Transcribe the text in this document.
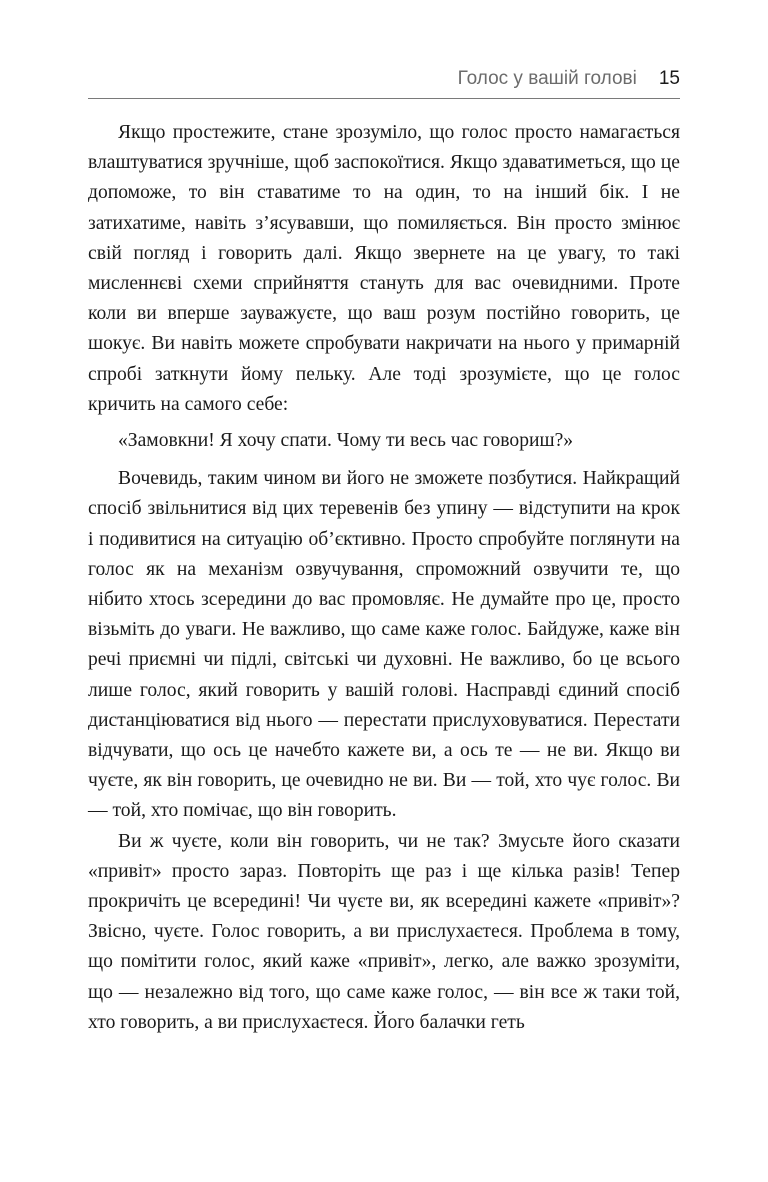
Голос у вашій голові 15

Якщо простежите, стане зрозуміло, що голос просто намагається влаштуватися зручніше, щоб заспокоїтися. Якщо здаватиметься, що це допоможе, то він ставатиме то на один, то на інший бік. І не затихатиме, навіть з’ясувавши, що помиляється. Він просто змінює свій погляд і говорить далі. Якщо звернете на це увагу, то такі мисленнєві схеми сприйняття стануть для вас очевидними. Проте коли ви вперше зауважуєте, що ваш розум постійно говорить, це шокує. Ви навіть можете спробувати накричати на нього у примарній спробі заткнути йому пельку. Але тоді зрозумієте, що це голос кричить на самого себе:

«Замовкни! Я хочу спати. Чому ти весь час говориш?»

Вочевидь, таким чином ви його не зможете позбутися. Найкращий спосіб звільнитися від цих теревенів без упину — відступити на крок і подивитися на ситуацію об’єктивно. Просто спробуйте поглянути на голос як на механізм озвучування, спроможний озвучити те, що нібито хтось зсередини до вас промовляє. Не думайте про це, просто візьміть до уваги. Не важливо, що саме каже голос. Байдуже, каже він речі приємні чи підлі, світські чи духовні. Не важливо, бо це всього лише голос, який говорить у вашій голові. Насправді єдиний спосіб дистанціюватися від нього — перестати прислуховуватися. Перестати відчувати, що ось це начебто кажете ви, а ось те — не ви. Якщо ви чуєте, як він говорить, це очевидно не ви. Ви — той, хто чує голос. Ви — той, хто помічає, що він говорить.

Ви ж чуєте, коли він говорить, чи не так? Змусьте його сказати «привіт» просто зараз. Повторіть ще раз і ще кілька разів! Тепер прокричіть це всередині! Чи чуєте ви, як всередині кажете «привіт»? Звісно, чуєте. Голос говорить, а ви прислухаєтеся. Проблема в тому, що помітити голос, який каже «привіт», легко, але важко зрозуміти, що — незалежно від того, що саме каже голос, — він все ж таки той, хто говорить, а ви прислухаєтеся. Його балачки геть
